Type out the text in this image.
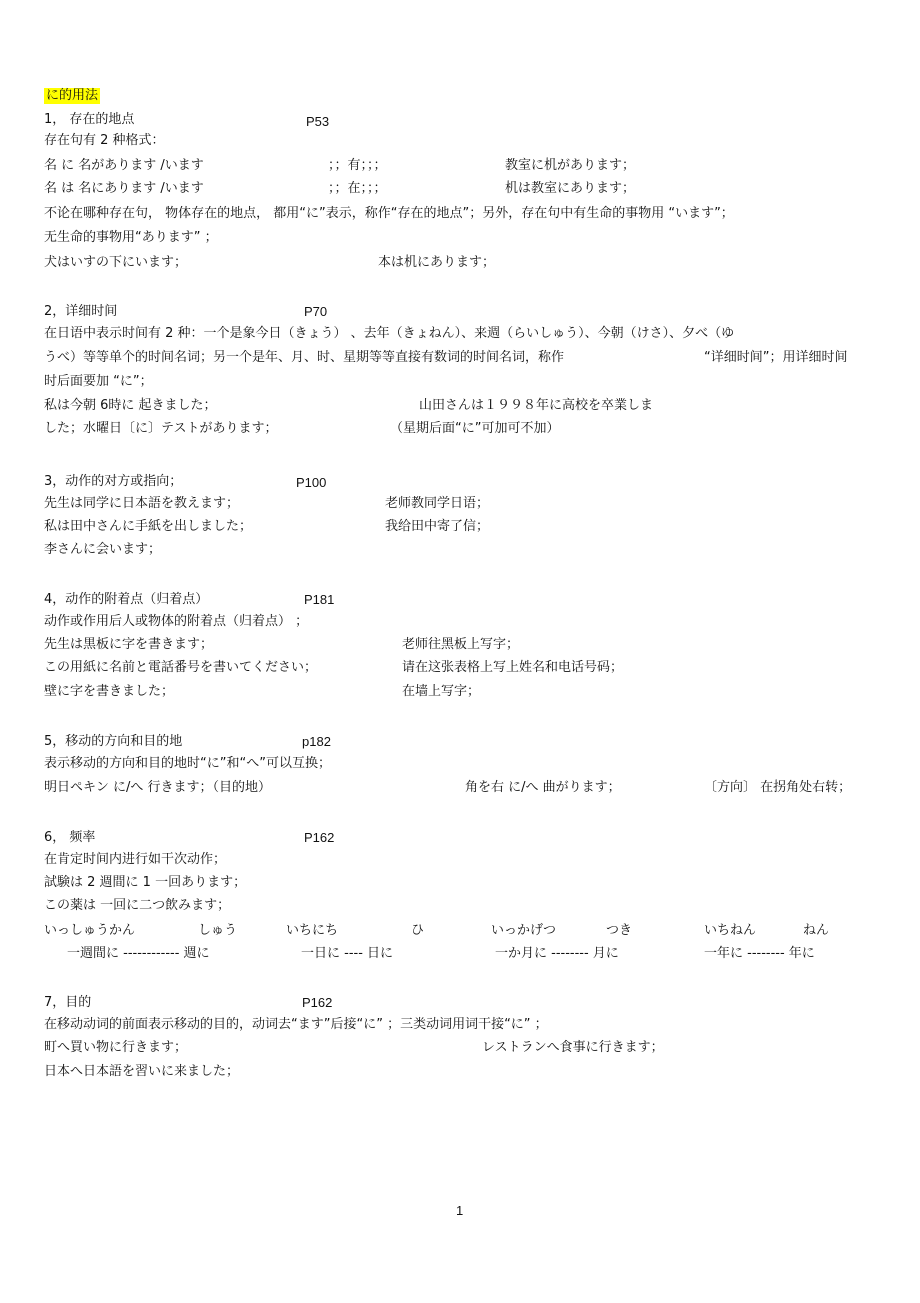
に的用法
1， 存在的地点	P53
存在句有 2 种格式：
名 に 名があります /います	；；有；；；	教室に机があります；
名 は 名にあります /います	；；在；；；	机は教室にあります；
不论在哪种存在句， 物体存在的地点， 都用“に”表示，称作“存在的地点”；另外，存在句中有生命的事物用 “います”；
无生命的事物用“あります” ；
犬はいすの下にいます；	本は机にあります；
2，详细时间	P70
在日语中表示时间有 2 种：一个是象今日（きょう） 、去年（きょねん）、来週（らいしゅう）、今朝（けさ）、夕べ（ゆ
うべ）等等单个的时间名词；另一个是年、月、时、星期等等直接有数词的时间名词，称作	“详细时间”；用详细时间
时后面要加 “に”；
私は今朝 6時に 起きました；	山田さんは１９９８年に高校を卒業しま
した；水曜日〔に〕テストがあります；	（星期后面“に”可加可不加）
3，动作的对方或指向；	P100
先生は同学に日本語を教えます；	老师教同学日语；
私は田中さんに手紙を出しました；	我给田中寄了信；
李さんに会います；
4，动作的附着点（归着点）	P181
动作或作用后人或物体的附着点（归着点） ；
先生は黒板に字を書きます；	老师往黑板上写字；
この用紙に名前と電話番号を書いてください；	请在这张表格上写上姓名和电话号码；
壁に字を書きました；	在墙上写字；
5，移动的方向和目的地	p182
表示移动的方向和目的地时“に”和“へ”可以互换；
明日ペキン に/へ 行きます；（目的地）	角を右 に/へ 曲がります；	〔方向〕 在拐角处右转；
6， 频率	P162
在肯定时间内进行如干次动作；
試験は 2 週間に 1 一回あります；
この薬は 一回に二つ飲みます；
いっしゅうかん	しゅう	いちにち	ひ	いっかげつ	つき	いちねん	ねん
一週間に ------------ 週に	一日に ---- 日に	一か月に -------- 月に	一年に -------- 年に
7，目的	P162
在移动动词的前面表示移动的目的，动词去“ます”后接“に” ；三类动词用词干接“に” ；
町へ買い物に行きます；	レストランへ食事に行きます；
日本へ日本語を習いに来ました；
1
